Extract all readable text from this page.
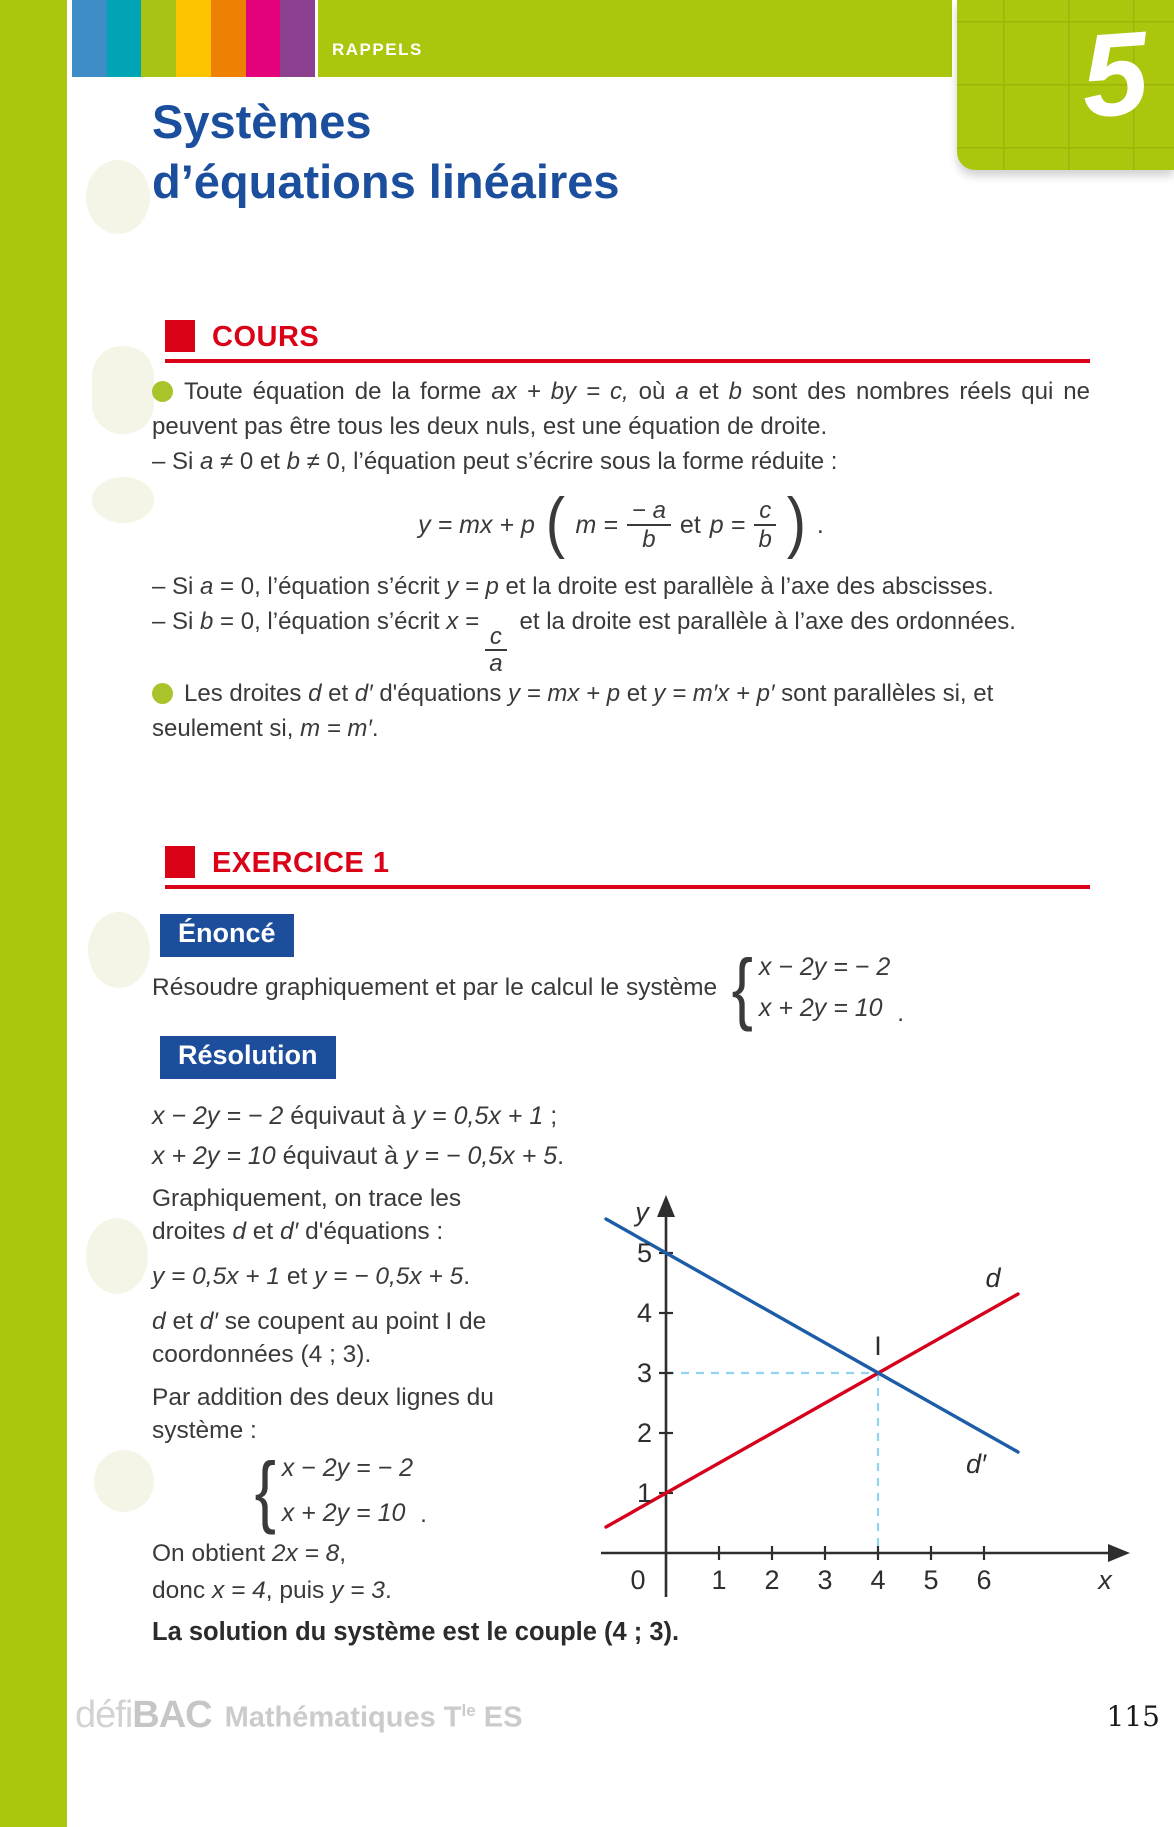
RAPPELS	5
Systèmes
d’équations linéaires
COURS

Toute équation de la forme ax + by = c, où a et b sont des nombres réels qui ne peuvent pas être tous les deux nuls, est une équation de droite.

– Si a ≠ 0 et b ≠ 0, l’équation peut s’écrire sous la forme réduite :

y = mx + p ( $m = \frac{- a}{b}$ et $p = \frac{c}{b}$ ) .

– Si a = 0, l’équation s’écrit y = p et la droite est parallèle à l’axe des abscisses.

– Si b = 0, l’équation s’écrit x =
$\frac{c}{a}$
et la droite est parallèle à l’axe des ordonnées.

Les droites d et d′ d'équations y = mx + p et y = m′x + p′ sont parallèles si, et seulement si, m = m′.

EXERCICE 1
Énoncé
Résoudre graphiquement et par le calcul le système { x − 2y = − 2
x + 2y = 10 .
Résolution

x − 2y = − 2 équivaut à y = 0,5x + 1 ;

x + 2y = 10 équivaut à y = − 0,5x + 5.

Graphiquement, on trace les droites d et d′ d'équations :

y = 0,5x + 1 et y = − 0,5x + 5.

d et d′ se coupent au point I de coordonnées (4 ; 3).

Par addition des deux lignes du système :

{ x − 2y = − 2
x + 2y = 10 .

On obtient 2x = 8,

donc x = 4, puis y = 3.

La solution du système est le couple (4 ; 3).
y
x
0 1 2 3 4 5 6
1
2
3
4
5
I
d
d′
défi BAC Mathématiques $T^{le}$ ES	115
